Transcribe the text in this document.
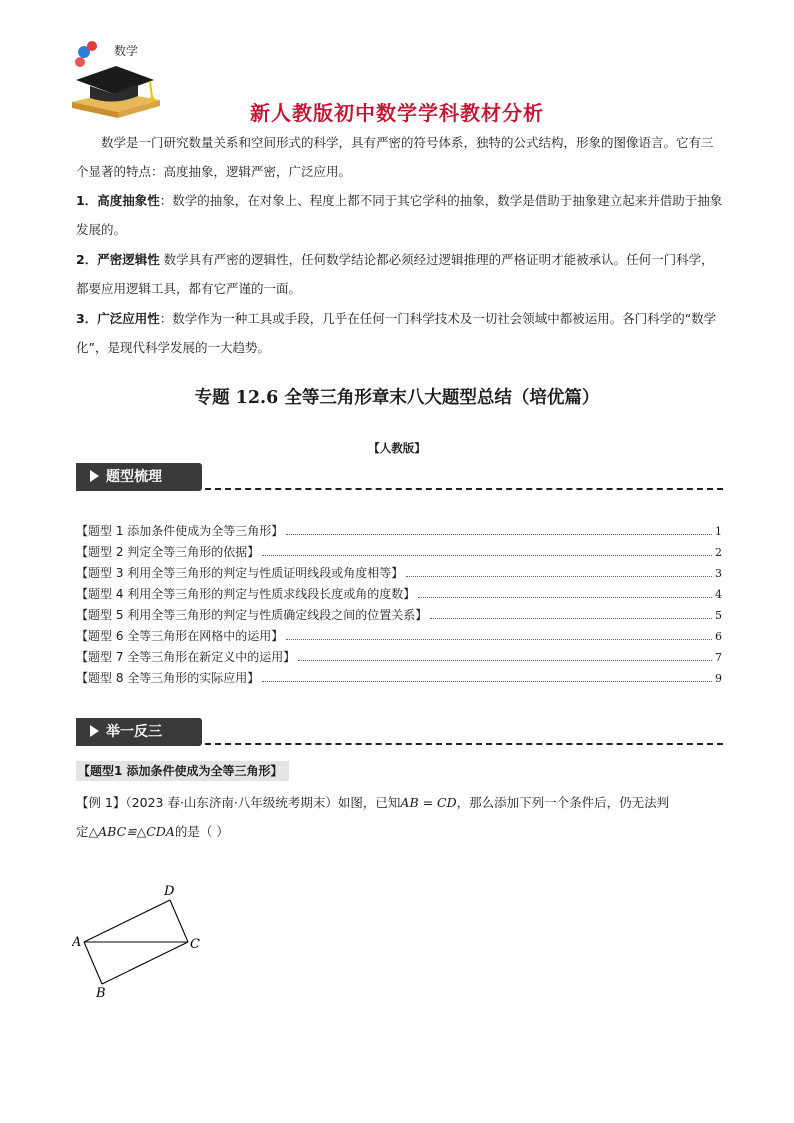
数学
新人教版初中数学学科教材分析
数学是一门研究数量关系和空间形式的科学，具有严密的符号体系，独特的公式结构，形象的图像语言。它有三个显著的特点：高度抽象，逻辑严密，广泛应用。
1．高度抽象性：数学的抽象，在对象上、程度上都不同于其它学科的抽象，数学是借助于抽象建立起来并借助于抽象发展的。
2．严密逻辑性 数学具有严密的逻辑性，任何数学结论都必须经过逻辑推理的严格证明才能被承认。任何一门科学，都要应用逻辑工具，都有它严谨的一面。
3．广泛应用性：数学作为一种工具或手段，几乎在任何一门科学技术及一切社会领域中都被运用。各门科学的“数学化”，是现代科学发展的一大趋势。
专题 12.6 全等三角形章末八大题型总结（培优篇）
【人教版】
题型梳理
【题型 1 添加条件使成为全等三角形】	1
【题型 2 判定全等三角形的依据】	2
【题型 3 利用全等三角形的判定与性质证明线段或角度相等】	3
【题型 4 利用全等三角形的判定与性质求线段长度或角的度数】	4
【题型 5 利用全等三角形的判定与性质确定线段之间的位置关系】	5
【题型 6 全等三角形在网格中的运用】	6
【题型 7 全等三角形在新定义中的运用】	7
【题型 8 全等三角形的实际应用】	9
举一反三
【题型1 添加条件使成为全等三角形】
【例 1】（2023 春·山东济南·八年级统考期末）如图，已知AB = CD，那么添加下列一个条件后，仍无法判
定△ABC≌△CDA的是（ ）
A
B
C
D
